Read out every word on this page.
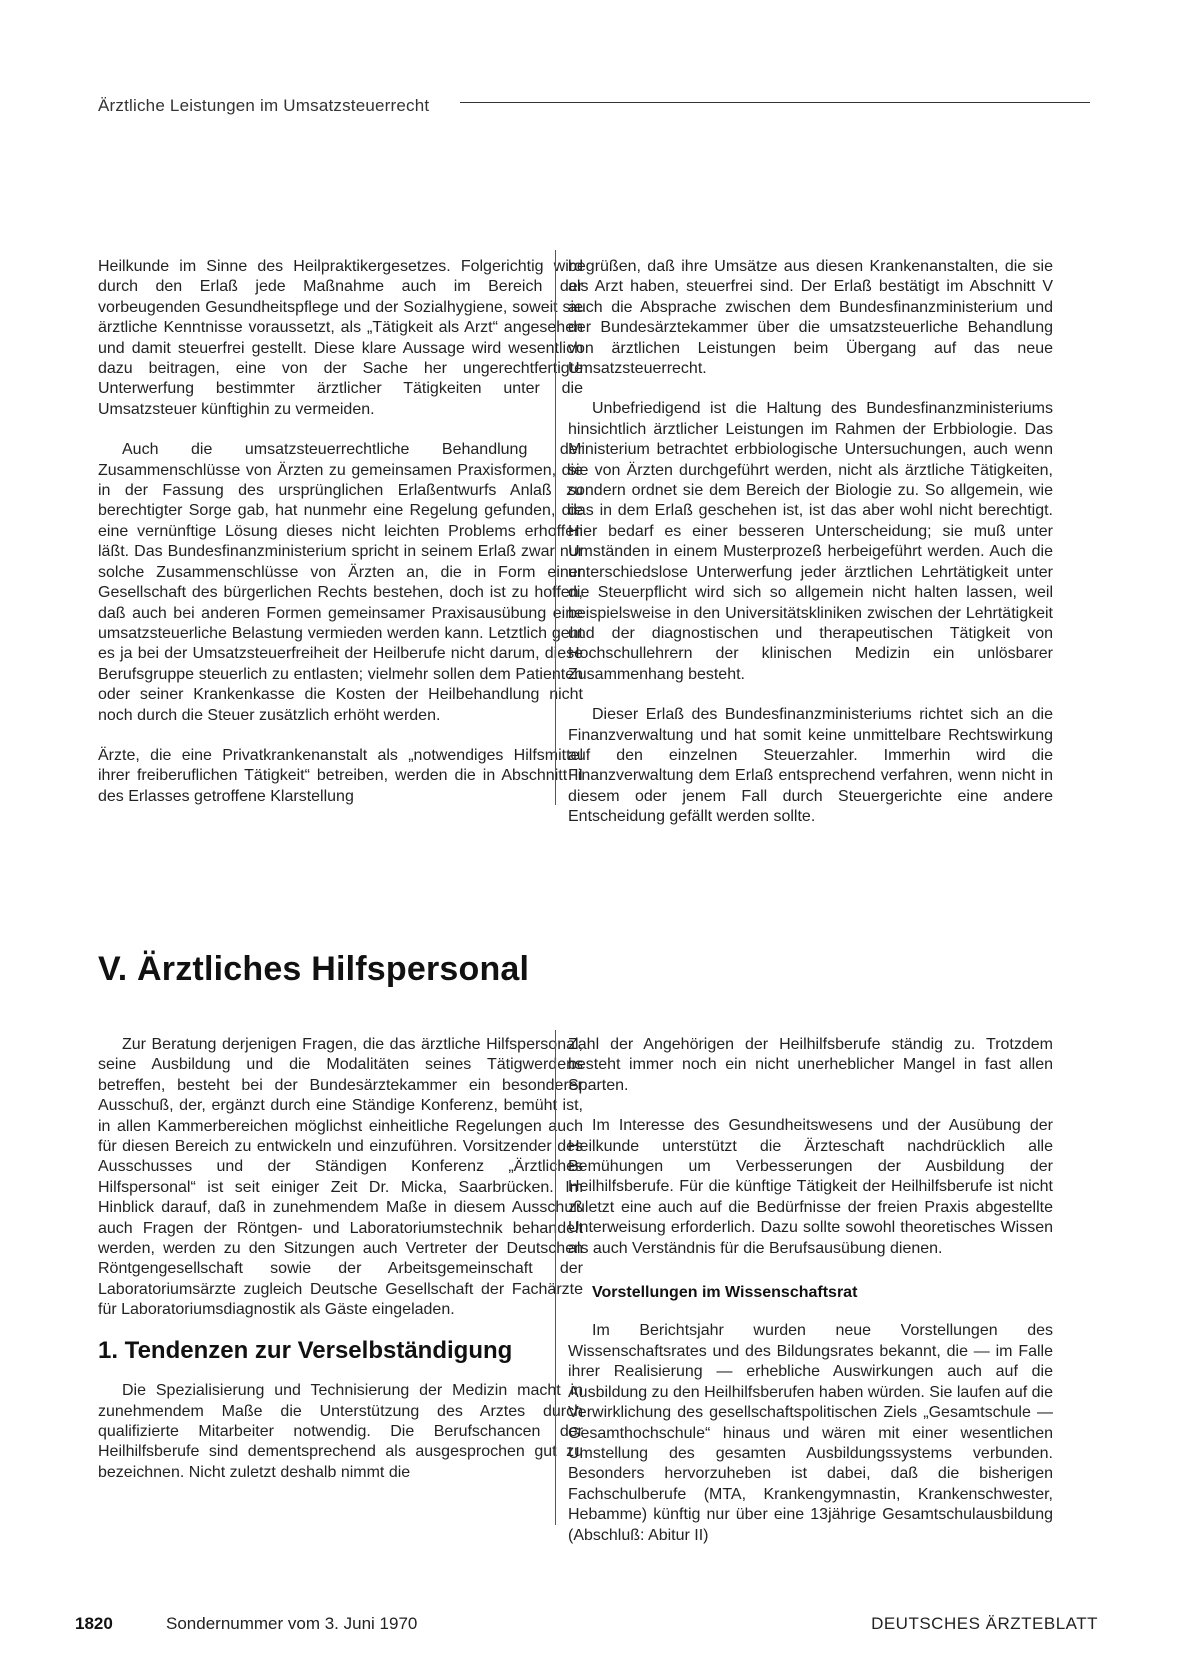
Ärztliche Leistungen im Umsatzsteuerrecht

Heilkunde im Sinne des Heilpraktikergesetzes. Folgerichtig wird durch den Erlaß jede Maßnahme auch im Bereich der vorbeugenden Gesundheitspflege und der Sozialhygiene, soweit sie ärztliche Kenntnisse voraussetzt, als „Tätigkeit als Arzt“ angesehen und damit steuerfrei gestellt. Diese klare Aussage wird wesentlich dazu beitragen, eine von der Sache her ungerechtfertigte Unterwerfung bestimmter ärztlicher Tätigkeiten unter die Umsatzsteuer künftighin zu vermeiden.

Auch die umsatzsteuerrechtliche Behandlung der Zusammenschlüsse von Ärzten zu gemeinsamen Praxisformen, die in der Fassung des ursprünglichen Erlaßentwurfs Anlaß zu berechtigter Sorge gab, hat nunmehr eine Regelung gefunden, die eine vernünftige Lösung dieses nicht leichten Problems erhoffen läßt. Das Bundesfinanzministerium spricht in seinem Erlaß zwar nur solche Zusammenschlüsse von Ärzten an, die in Form einer Gesellschaft des bürgerlichen Rechts bestehen, doch ist zu hoffen, daß auch bei anderen Formen gemeinsamer Praxisausübung eine umsatzsteuerliche Belastung vermieden werden kann. Letztlich geht es ja bei der Umsatzsteuerfreiheit der Heilberufe nicht darum, diese Berufsgruppe steuerlich zu entlasten; vielmehr sollen dem Patienten oder seiner Krankenkasse die Kosten der Heilbehandlung nicht noch durch die Steuer zusätzlich erhöht werden.

Ärzte, die eine Privatkrankenanstalt als „notwendiges Hilfsmittel ihrer freiberuflichen Tätigkeit“ betreiben, werden die in Abschnitt II des Erlasses getroffene Klarstellung

begrüßen, daß ihre Umsätze aus diesen Krankenanstalten, die sie als Arzt haben, steuerfrei sind. Der Erlaß bestätigt im Abschnitt V auch die Absprache zwischen dem Bundesfinanzministerium und der Bundesärztekammer über die umsatzsteuerliche Behandlung von ärztlichen Leistungen beim Übergang auf das neue Umsatzsteuerrecht.

Unbefriedigend ist die Haltung des Bundesfinanzministeriums hinsichtlich ärztlicher Leistungen im Rahmen der Erbbiologie. Das Ministerium betrachtet erbbiologische Untersuchungen, auch wenn sie von Ärzten durchgeführt werden, nicht als ärztliche Tätigkeiten, sondern ordnet sie dem Bereich der Biologie zu. So allgemein, wie das in dem Erlaß geschehen ist, ist das aber wohl nicht berechtigt. Hier bedarf es einer besseren Unterscheidung; sie muß unter Umständen in einem Musterprozeß herbeigeführt werden. Auch die unterschiedslose Unterwerfung jeder ärztlichen Lehrtätigkeit unter die Steuerpflicht wird sich so allgemein nicht halten lassen, weil beispielsweise in den Universitätskliniken zwischen der Lehrtätigkeit und der diagnostischen und therapeutischen Tätigkeit von Hochschullehrern der klinischen Medizin ein unlösbarer Zusammenhang besteht.

Dieser Erlaß des Bundesfinanzministeriums richtet sich an die Finanzverwaltung und hat somit keine unmittelbare Rechtswirkung auf den einzelnen Steuerzahler. Immerhin wird die Finanzverwaltung dem Erlaß entsprechend verfahren, wenn nicht in diesem oder jenem Fall durch Steuergerichte eine andere Entscheidung gefällt werden sollte.

V. Ärztliches Hilfspersonal

Zur Beratung derjenigen Fragen, die das ärztliche Hilfspersonal, seine Ausbildung und die Modalitäten seines Tätigwerdens betreffen, besteht bei der Bundesärztekammer ein besonderer Ausschuß, der, ergänzt durch eine Ständige Konferenz, bemüht ist, in allen Kammerbereichen möglichst einheitliche Regelungen auch für diesen Bereich zu entwickeln und einzuführen. Vorsitzender des Ausschusses und der Ständigen Konferenz „Ärztliches Hilfspersonal“ ist seit einiger Zeit Dr. Micka, Saarbrücken. Im Hinblick darauf, daß in zunehmendem Maße in diesem Ausschuß auch Fragen der Röntgen- und Laboratoriumstechnik behandelt werden, werden zu den Sitzungen auch Vertreter der Deutschen Röntgengesellschaft sowie der Arbeitsgemeinschaft der Laboratoriumsärzte zugleich Deutsche Gesellschaft der Fachärzte für Laboratoriumsdiagnostik als Gäste eingeladen.

1. Tendenzen zur Verselbständigung

Die Spezialisierung und Technisierung der Medizin macht in zunehmendem Maße die Unterstützung des Arztes durch qualifizierte Mitarbeiter notwendig. Die Berufschancen der Heilhilfsberufe sind dementsprechend als ausgesprochen gut zu bezeichnen. Nicht zuletzt deshalb nimmt die

Zahl der Angehörigen der Heilhilfsberufe ständig zu. Trotzdem besteht immer noch ein nicht unerheblicher Mangel in fast allen Sparten.

Im Interesse des Gesundheitswesens und der Ausübung der Heilkunde unterstützt die Ärzteschaft nachdrücklich alle Bemühungen um Verbesserungen der Ausbildung der Heilhilfsberufe. Für die künftige Tätigkeit der Heilhilfsberufe ist nicht zuletzt eine auch auf die Bedürfnisse der freien Praxis abgestellte Unterweisung erforderlich. Dazu sollte sowohl theoretisches Wissen als auch Verständnis für die Berufsausübung dienen.

Vorstellungen im Wissenschaftsrat

Im Berichtsjahr wurden neue Vorstellungen des Wissenschaftsrates und des Bildungsrates bekannt, die — im Falle ihrer Realisierung — erhebliche Auswirkungen auch auf die Ausbildung zu den Heilhilfsberufen haben würden. Sie laufen auf die Verwirklichung des gesellschaftspolitischen Ziels „Gesamtschule — Gesamthochschule“ hinaus und wären mit einer wesentlichen Umstellung des gesamten Ausbildungssystems verbunden. Besonders hervorzuheben ist dabei, daß die bisherigen Fachschulberufe (MTA, Krankengymnastin, Krankenschwester, Hebamme) künftig nur über eine 13jährige Gesamtschulausbildung (Abschluß: Abitur II)

1820	Sondernummer vom 3. Juni 1970	DEUTSCHES ÄRZTEBLATT
